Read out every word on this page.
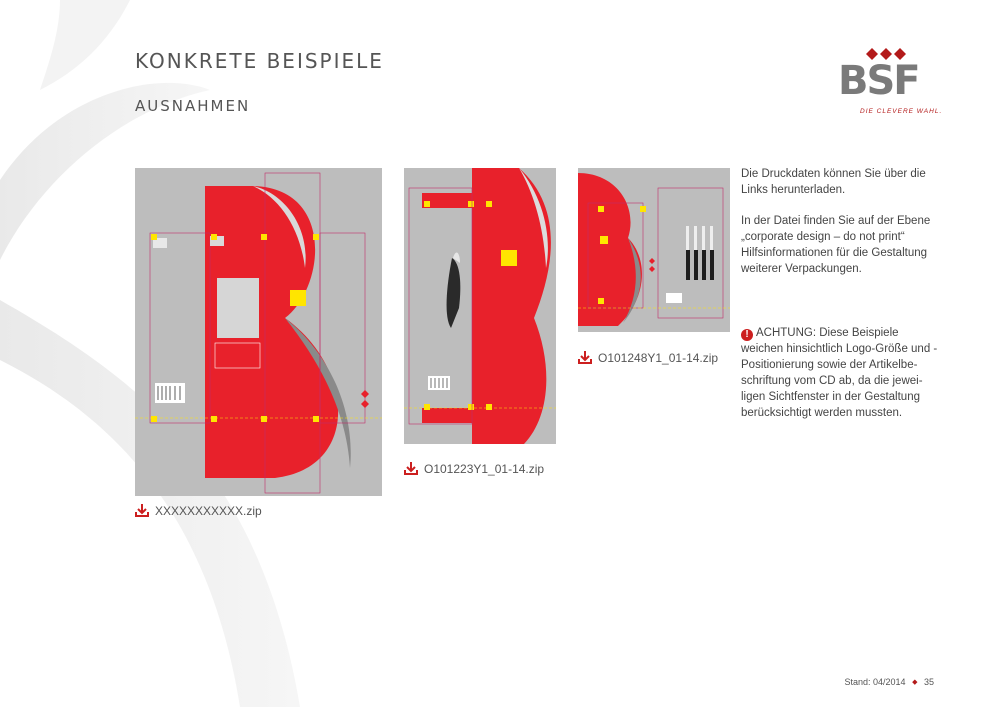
KONKRETE BEISPIELE
AUSNAHMEN
BSF
DIE CLEVERE WAHL.
XXXXXXXXXXX.zip
O101223Y1_01-14.zip
O101248Y1_01-14.zip
Die Druckdaten können Sie über die Links herunterladen.
In der Datei finden Sie auf der Ebene „corporate design – do not print“ Hilfsinformationen für die Gestaltung weiterer Verpackungen.
! ACHTUNG: Diese Beispiele weichen hinsichtlich Logo-Größe und -Positionierung sowie der Artikelbe-schriftung vom CD ab, da die jewei-ligen Sichtfenster in der Gestaltung berücksichtigt werden mussten.
Stand: 04/2014 ◆ 35
